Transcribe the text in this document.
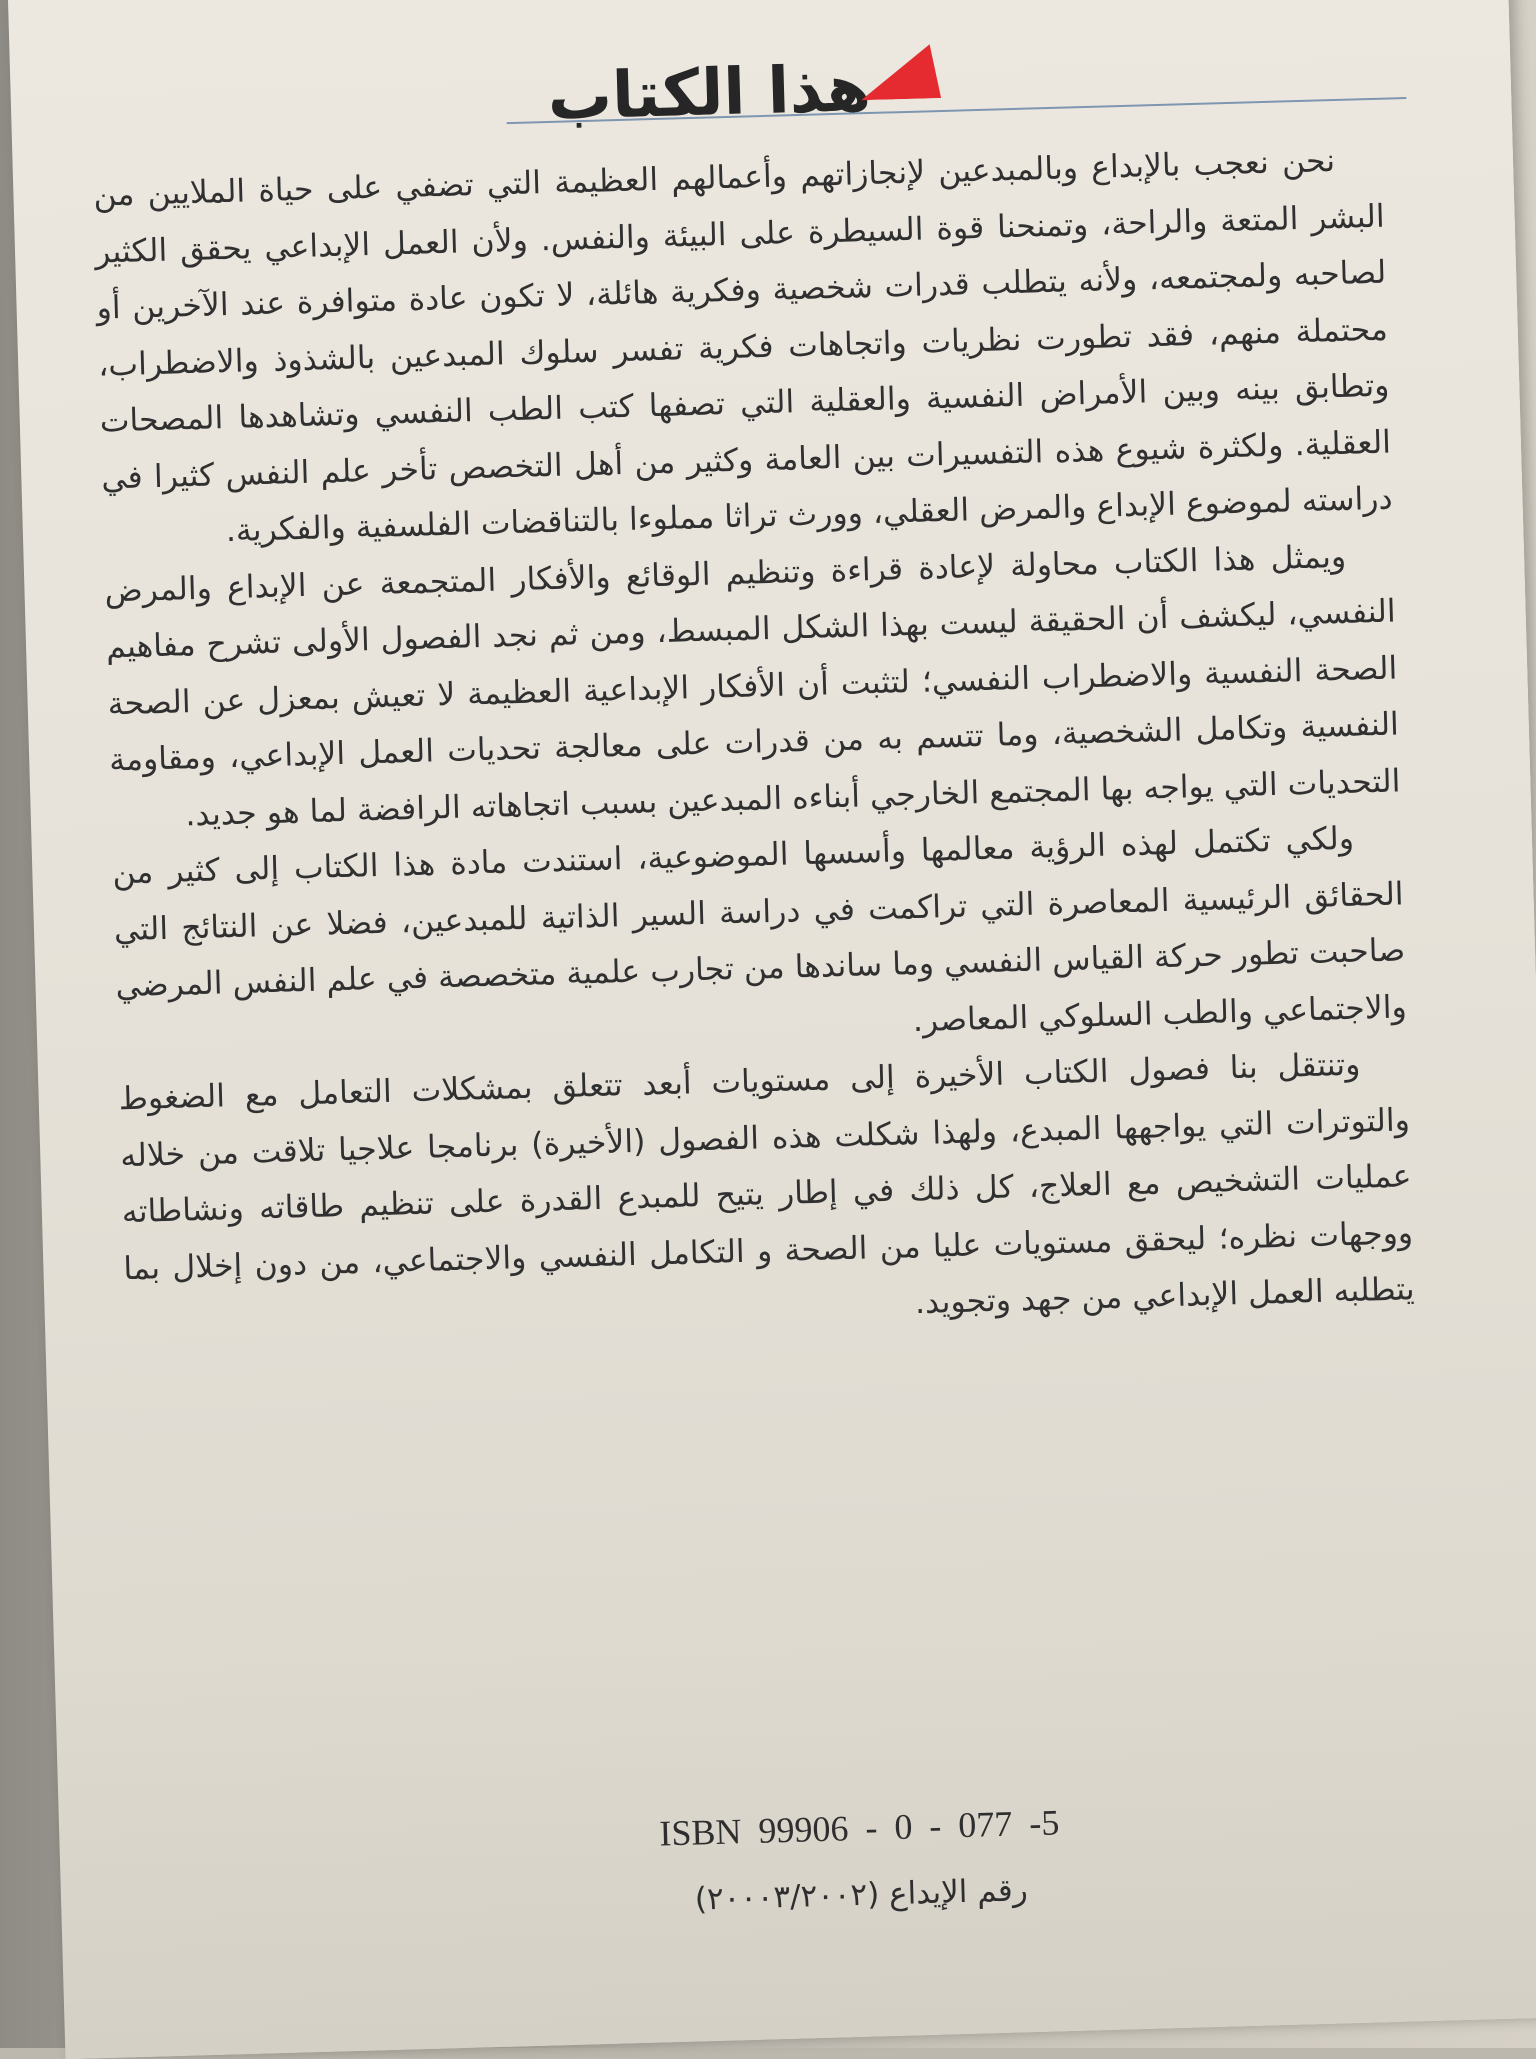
هذا الكتاب

نحن نعجب بالإبداع وبالمبدعين لإنجازاتهم وأعمالهم العظيمة التي تضفي على حياة الملايين من البشر المتعة والراحة، وتمنحنا قوة السيطرة على البيئة والنفس. ولأن العمل الإبداعي يحقق الكثير لصاحبه ولمجتمعه، ولأنه يتطلب قدرات شخصية وفكرية هائلة، لا تكون عادة متوافرة عند الآخرين أو محتملة منهم، فقد تطورت نظريات واتجاهات فكرية تفسر سلوك المبدعين بالشذوذ والاضطراب، وتطابق بينه وبين الأمراض النفسية والعقلية التي تصفها كتب الطب النفسي وتشاهدها المصحات العقلية. ولكثرة شيوع هذه التفسيرات بين العامة وكثير من أهل التخصص تأخر علم النفس كثيرا في دراسته لموضوع الإبداع والمرض العقلي، وورث تراثا مملوءا بالتناقضات الفلسفية والفكرية.

ويمثل هذا الكتاب محاولة لإعادة قراءة وتنظيم الوقائع والأفكار المتجمعة عن الإبداع والمرض النفسي، ليكشف أن الحقيقة ليست بهذا الشكل المبسط، ومن ثم نجد الفصول الأولى تشرح مفاهيم الصحة النفسية والاضطراب النفسي؛ لتثبت أن الأفكار الإبداعية العظيمة لا تعيش بمعزل عن الصحة النفسية وتكامل الشخصية، وما تتسم به من قدرات على معالجة تحديات العمل الإبداعي، ومقاومة التحديات التي يواجه بها المجتمع الخارجي أبناءه المبدعين بسبب اتجاهاته الرافضة لما هو جديد.

ولكي تكتمل لهذه الرؤية معالمها وأسسها الموضوعية، استندت مادة هذا الكتاب إلى كثير من الحقائق الرئيسية المعاصرة التي تراكمت في دراسة السير الذاتية للمبدعين، فضلا عن النتائج التي صاحبت تطور حركة القياس النفسي وما ساندها من تجارب علمية متخصصة في علم النفس المرضي والاجتماعي والطب السلوكي المعاصر.

وتنتقل بنا فصول الكتاب الأخيرة إلى مستويات أبعد تتعلق بمشكلات التعامل مع الضغوط والتوترات التي يواجهها المبدع، ولهذا شكلت هذه الفصول (الأخيرة) برنامجا علاجيا تلاقت من خلاله عمليات التشخيص مع العلاج، كل ذلك في إطار يتيح للمبدع القدرة على تنظيم طاقاته ونشاطاته ووجهات نظره؛ ليحقق مستويات عليا من الصحة و التكامل النفسي والاجتماعي، من دون إخلال بما يتطلبه العمل الإبداعي من جهد وتجويد.

ISBN 99906 - 0 - 077 -5
رقم الإيداع (٢٠٠٠٣/٢٠٠٢)
